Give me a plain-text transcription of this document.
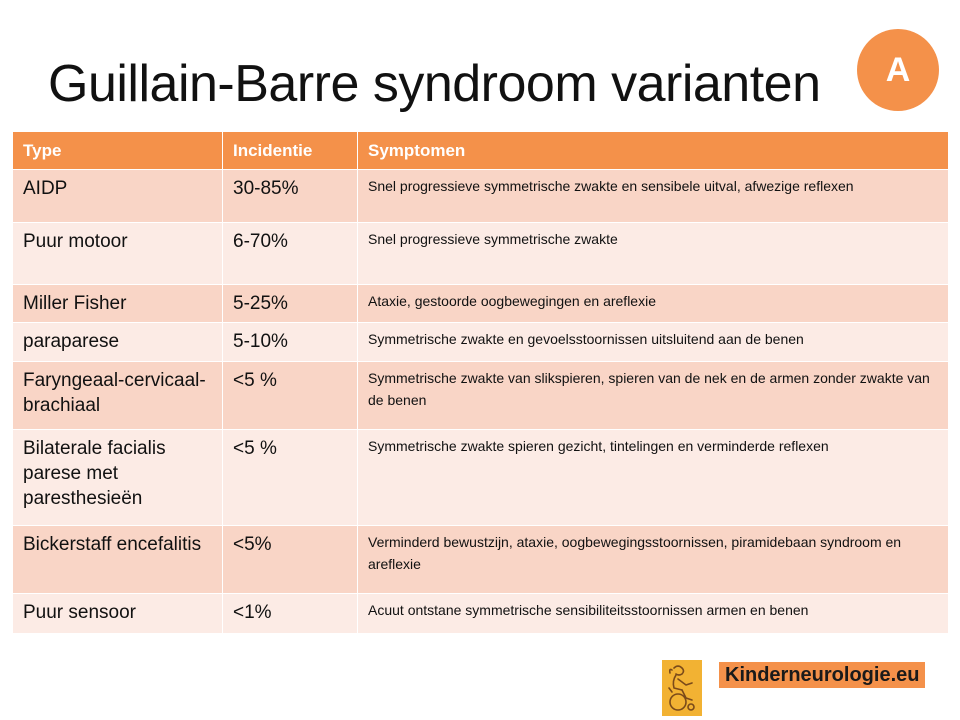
Guillain-Barre syndroom varianten	A
Type	Incidentie	Symptomen
AIDP	30-85%	Snel progressieve symmetrische zwakte en sensibele uitval, afwezige reflexen
Puur motoor	6-70%	Snel progressieve symmetrische zwakte
Miller Fisher	5-25%	Ataxie, gestoorde oogbewegingen en areflexie
paraparese	5-10%	Symmetrische zwakte en gevoelsstoornissen uitsluitend aan de benen
Faryngeaal-cervicaal- brachiaal	<5 %	Symmetrische zwakte van slikspieren, spieren van de nek en de armen zonder zwakte van de benen
Bilaterale facialis parese met paresthesieën	<5 %	Symmetrische zwakte spieren gezicht, tintelingen en verminderde reflexen
Bickerstaff encefalitis	<5%	Verminderd bewustzijn, ataxie, oogbewegingsstoornissen, piramidebaan syndroom en areflexie
Puur sensoor	<1%	Acuut ontstane symmetrische sensibiliteitsstoornissen armen en benen
Kinderneurologie.eu
